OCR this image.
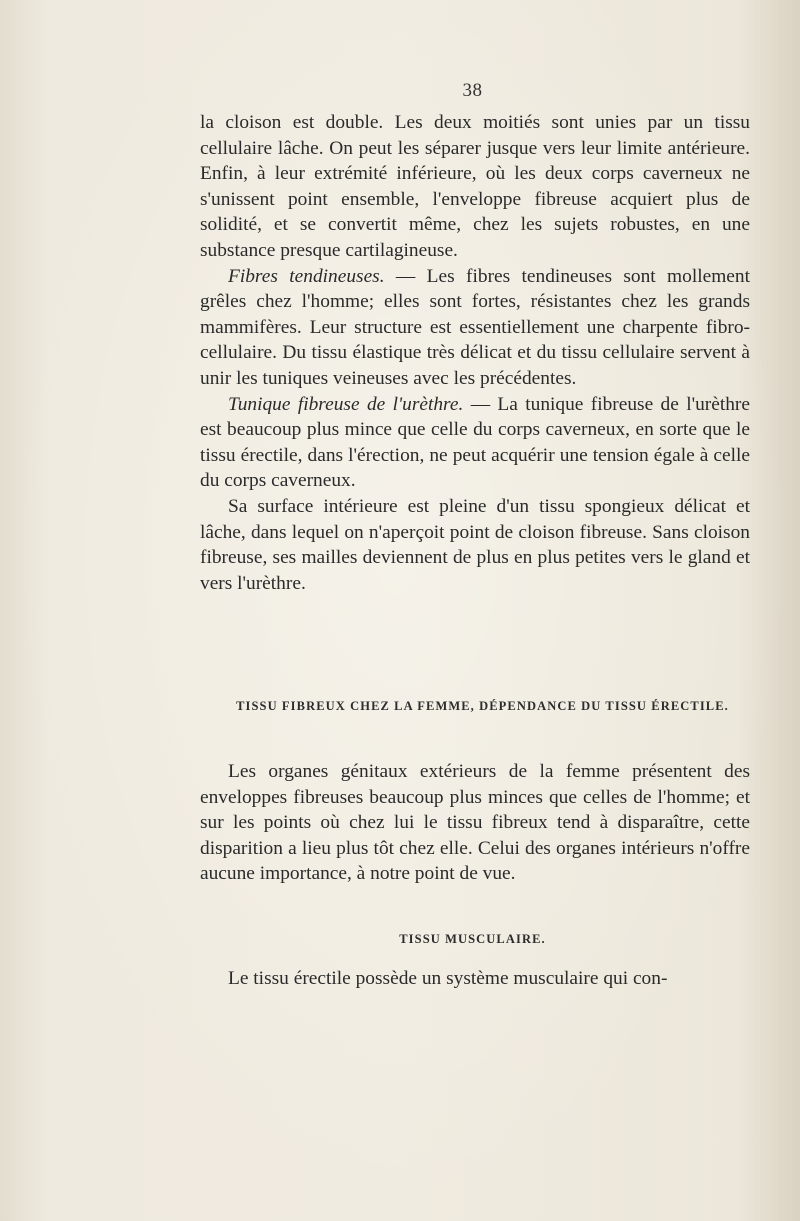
38

la cloison est double. Les deux moitiés sont unies par un tissu cellulaire lâche. On peut les séparer jusque vers leur limite antérieure. Enfin, à leur extrémité inférieure, où les deux corps caverneux ne s'unissent point ensemble, l'enveloppe fibreuse acquiert plus de solidité, et se convertit même, chez les sujets robustes, en une substance presque cartilagineuse.

Fibres tendineuses. — Les fibres tendineuses sont mollement grêles chez l'homme; elles sont fortes, résistantes chez les grands mammifères. Leur structure est essentiellement une charpente fibro-cellulaire. Du tissu élastique très délicat et du tissu cellulaire servent à unir les tuniques veineuses avec les précédentes.

Tunique fibreuse de l'urèthre. — La tunique fibreuse de l'urèthre est beaucoup plus mince que celle du corps caverneux, en sorte que le tissu érectile, dans l'érection, ne peut acquérir une tension égale à celle du corps caverneux.

Sa surface intérieure est pleine d'un tissu spongieux délicat et lâche, dans lequel on n'aperçoit point de cloison fibreuse. Sans cloison fibreuse, ses mailles deviennent de plus en plus petites vers le gland et vers l'urèthre.

TISSU FIBREUX CHEZ LA FEMME, DÉPENDANCE DU TISSU ÉRECTILE.

Les organes génitaux extérieurs de la femme présentent des enveloppes fibreuses beaucoup plus minces que celles de l'homme; et sur les points où chez lui le tissu fibreux tend à disparaître, cette disparition a lieu plus tôt chez elle. Celui des organes intérieurs n'offre aucune importance, à notre point de vue.

TISSU MUSCULAIRE.

Le tissu érectile possède un système musculaire qui con-
